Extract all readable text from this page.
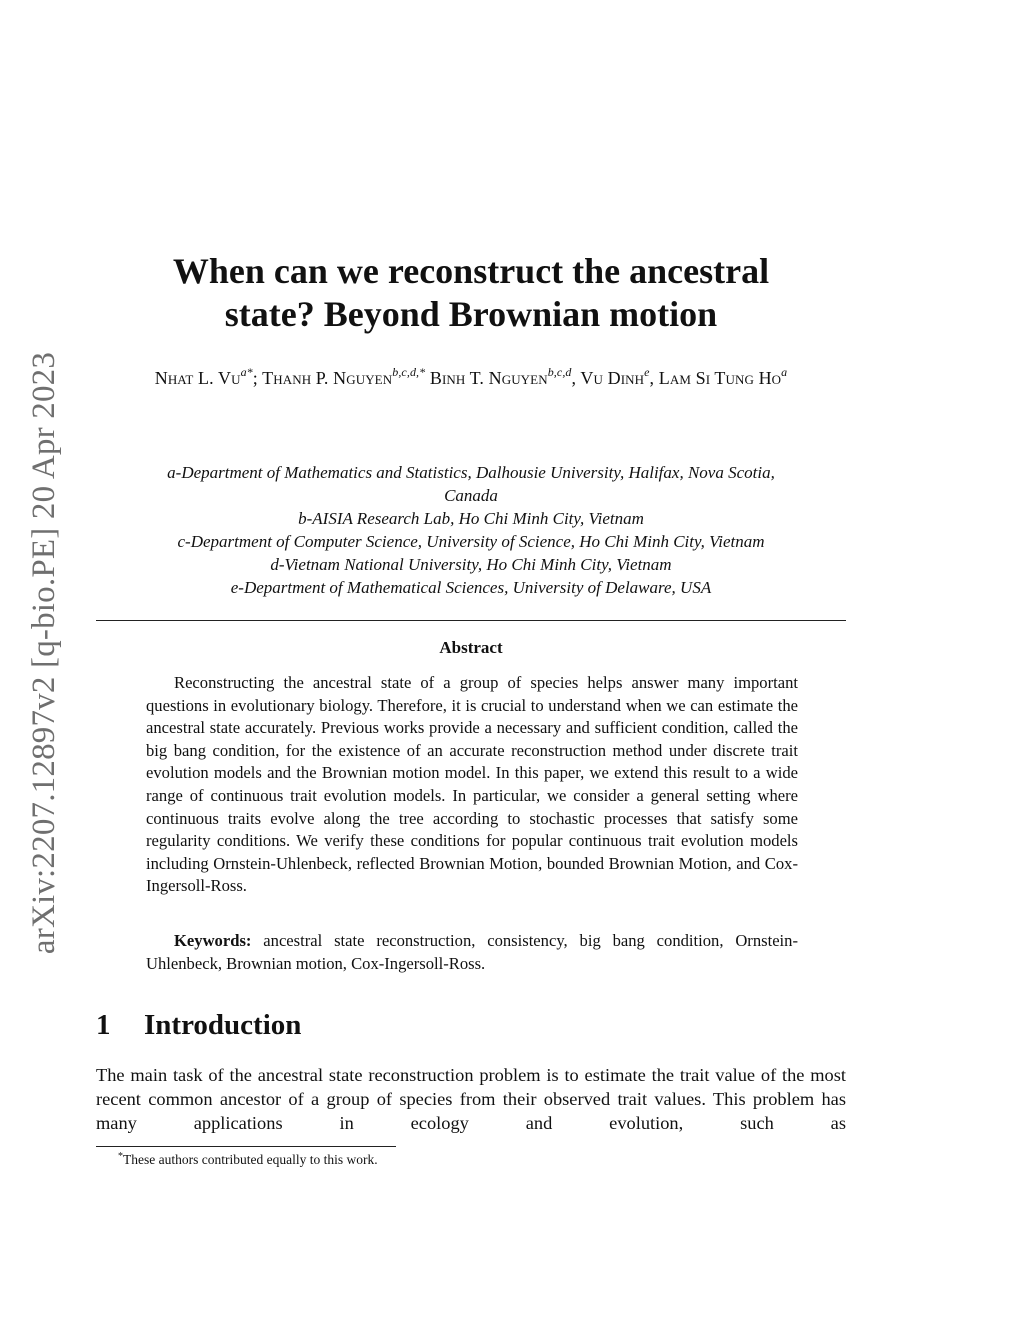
arXiv:2207.12897v2 [q-bio.PE] 20 Apr 2023
When can we reconstruct the ancestral
state? Beyond Brownian motion
Nhat L. $Vu^{a*}$; Thanh P. Nguyen$^{b,c,d,*}$ Binh T. Nguyen$^{b,c,d}$, Vu Dinh$^e$, Lam Si Tung Ho$^a$
a-Department of Mathematics and Statistics, Dalhousie University, Halifax, Nova Scotia,
Canada
b-AISIA Research Lab, Ho Chi Minh City, Vietnam
c-Department of Computer Science, University of Science, Ho Chi Minh City, Vietnam
d-Vietnam National University, Ho Chi Minh City, Vietnam
e-Department of Mathematical Sciences, University of Delaware, USA
Abstract

Reconstructing the ancestral state of a group of species helps answer many important questions in evolutionary biology. Therefore, it is crucial to understand when we can estimate the ancestral state accurately. Previous works provide a necessary and sufficient condition, called the big bang condition, for the existence of an accurate reconstruction method under discrete trait evolution models and the Brownian motion model. In this paper, we extend this result to a wide range of continuous trait evolution models. In particular, we consider a general setting where continuous traits evolve along the tree according to stochastic processes that satisfy some regularity conditions. We verify these conditions for popular continuous trait evolution models including Ornstein-Uhlenbeck, reflected Brownian Motion, bounded Brownian Motion, and Cox-Ingersoll-Ross.

Keywords: ancestral state reconstruction, consistency, big bang condition, Ornstein-Uhlenbeck, Brownian motion, Cox-Ingersoll-Ross.

1 Introduction

The main task of the ancestral state reconstruction problem is to estimate the trait value of the most recent common ancestor of a group of species from their observed trait values. This problem has many applications in ecology and evolution, such as

*These authors contributed equally to this work.
